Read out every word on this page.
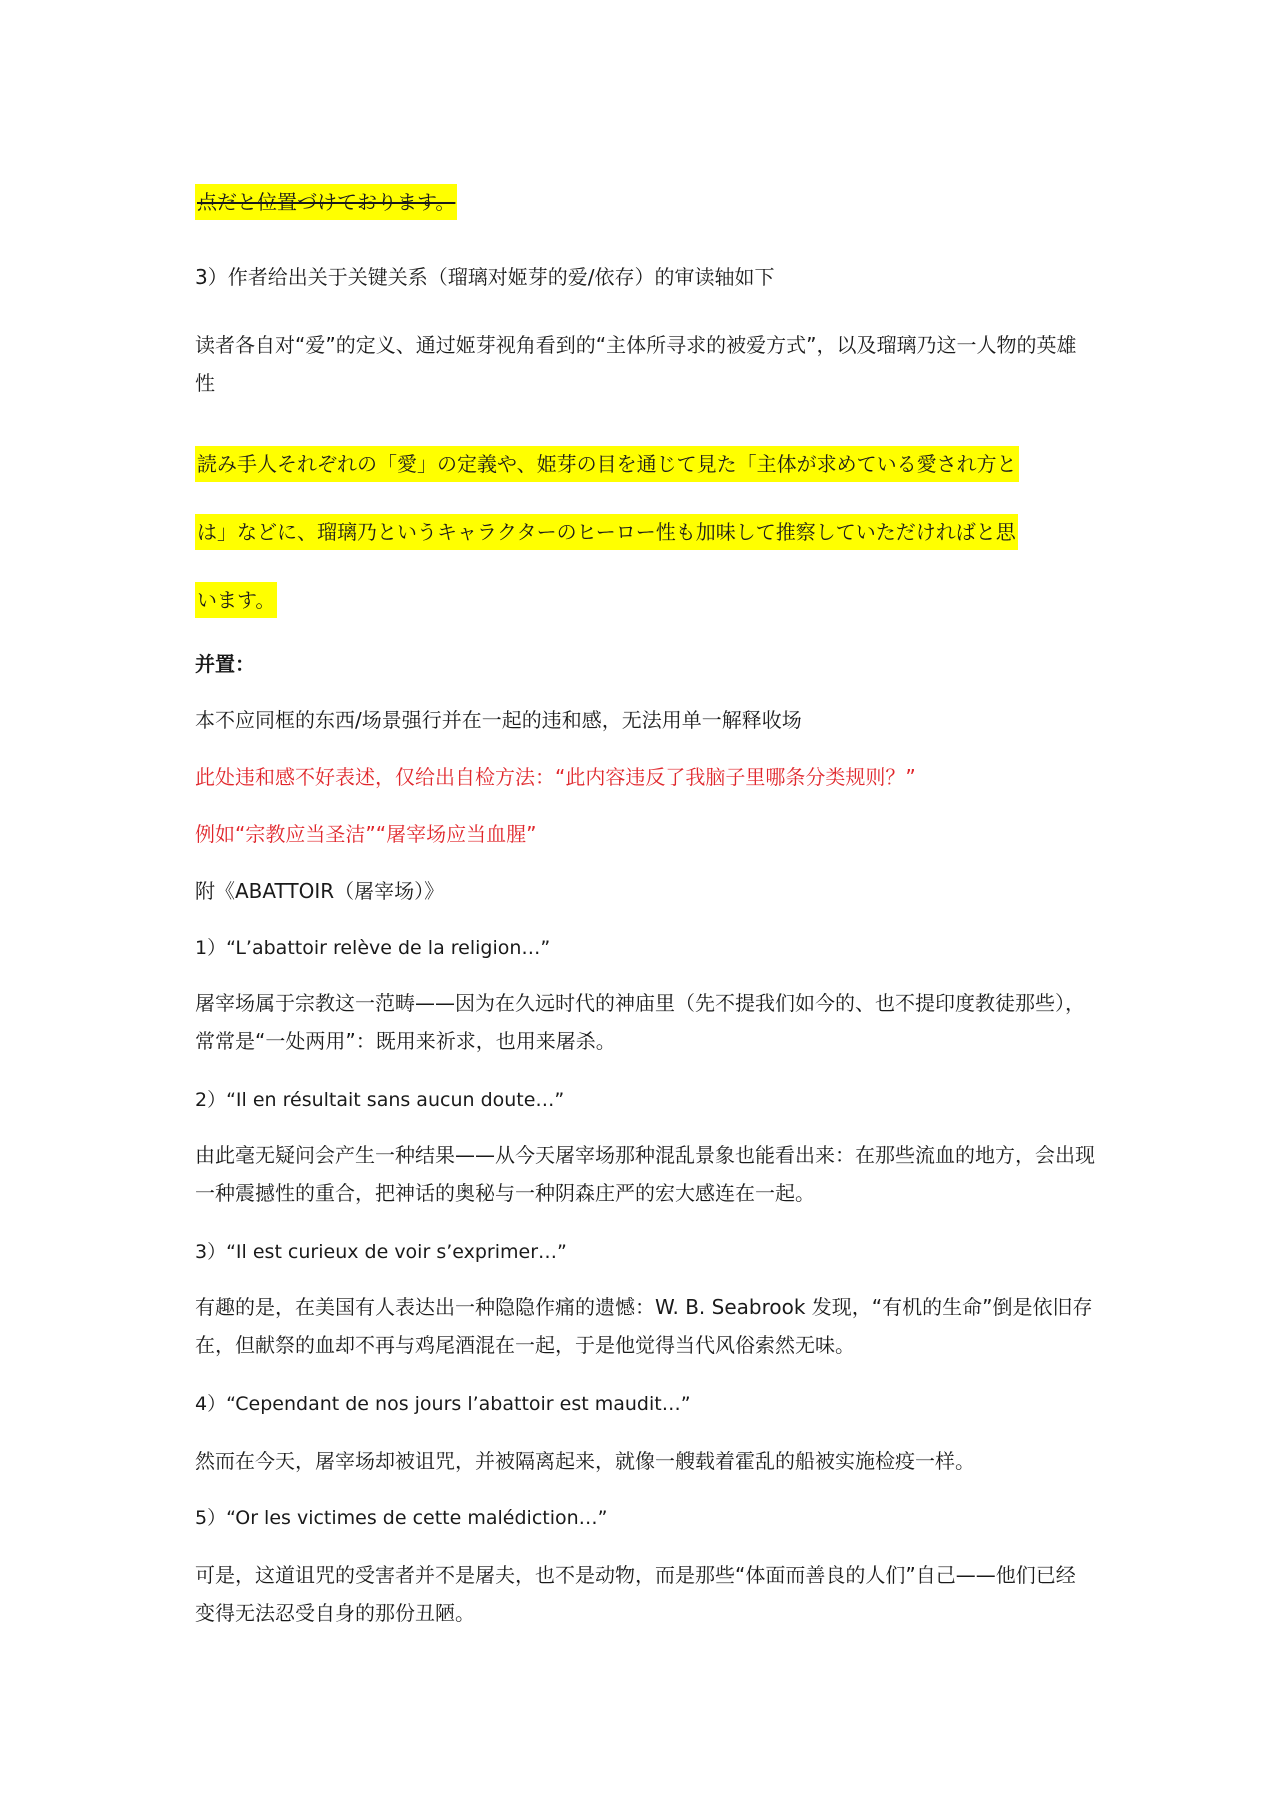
点だと位置づけております。

3）作者给出关于关键关系（瑠璃对姬芽的爱/依存）的审读轴如下

读者各自对“爱”的定义、通过姬芽视角看到的“主体所寻求的被爱方式”，以及瑠璃乃这一人物的英雄性

読み手人それぞれの「愛」の定義や、姫芽の目を通じて見た「主体が求めている愛され方と

は」などに、瑠璃乃というキャラクターのヒーロー性も加味して推察していただければと思

います。

并置：

本不应同框的东西/场景强行并在一起的违和感，无法用单一解释收场

此处违和感不好表述，仅给出自检方法：“此内容违反了我脑子里哪条分类规则？”

例如“宗教应当圣洁”“屠宰场应当血腥”

附《ABATTOIR（屠宰场）》

1）“L’abattoir relève de la religion…”

屠宰场属于宗教这一范畴——因为在久远时代的神庙里（先不提我们如今的、也不提印度教徒那些），常常是“一处两用”：既用来祈求，也用来屠杀。

2）“Il en résultait sans aucun doute…”

由此毫无疑问会产生一种结果——从今天屠宰场那种混乱景象也能看出来：在那些流血的地方，会出现一种震撼性的重合，把神话的奥秘与一种阴森庄严的宏大感连在一起。

3）“Il est curieux de voir s’exprimer…”

有趣的是，在美国有人表达出一种隐隐作痛的遗憾：W. B. Seabrook 发现，“有机的生命”倒是依旧存在，但献祭的血却不再与鸡尾酒混在一起，于是他觉得当代风俗索然无味。

4）“Cependant de nos jours l’abattoir est maudit…”

然而在今天，屠宰场却被诅咒，并被隔离起来，就像一艘载着霍乱的船被实施检疫一样。

5）“Or les victimes de cette malédiction…”

可是，这道诅咒的受害者并不是屠夫，也不是动物，而是那些“体面而善良的人们”自己——他们已经变得无法忍受自身的那份丑陋。
